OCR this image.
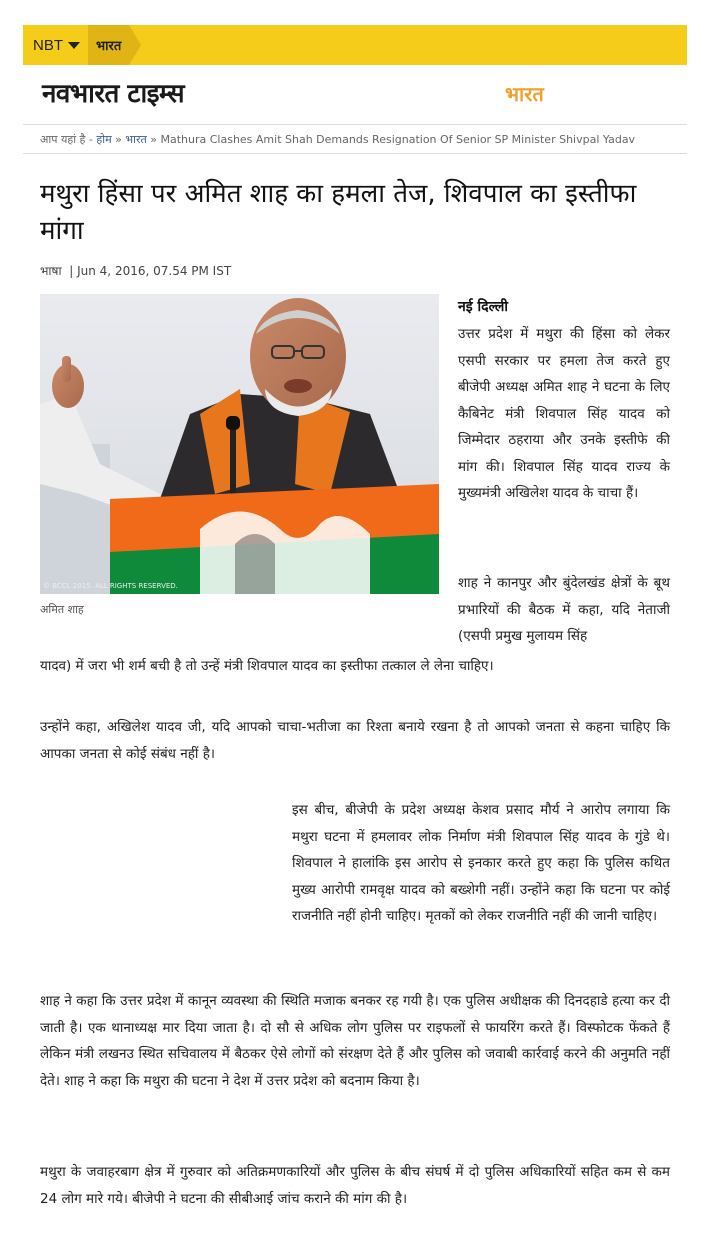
NBT	भारत
नवभारत टाइम्स	भारत
आप यहां है - होम » भारत » Mathura Clashes Amit Shah Demands Resignation Of Senior SP Minister Shivpal Yadav
मथुरा हिंसा पर अमित शाह का हमला तेज, शिवपाल का इस्तीफा मांगा
भाषा | Jun 4, 2016, 07.54 PM IST
© BCCL 2015. ALL RIGHTS RESERVED.
अमित शाह
नई दिल्ली

उत्तर प्रदेश में मथुरा की हिंसा को लेकर एसपी सरकार पर हमला तेज करते हुए बीजेपी अध्यक्ष अमित शाह ने घटना के लिए कैबिनेट मंत्री शिवपाल सिंह यादव को जिम्मेदार ठहराया और उनके इस्तीफे की मांग की। शिवपाल सिंह यादव राज्य के मुख्यमंत्री अखिलेश यादव के चाचा हैं।

शाह ने कानपुर और बुंदेलखंड क्षेत्रों के बूथ प्रभारियों की बैठक में कहा, यदि नेताजी (एसपी प्रमुख मुलायम सिंह

यादव) में जरा भी शर्म बची है तो उन्हें मंत्री शिवपाल यादव का इस्तीफा तत्काल ले लेना चाहिए।

उन्होंने कहा, अखिलेश यादव जी, यदि आपको चाचा-भतीजा का रिश्ता बनाये रखना है तो आपको जनता से कहना चाहिए कि आपका जनता से कोई संबंध नहीं है।

इस बीच, बीजेपी के प्रदेश अध्यक्ष केशव प्रसाद मौर्य ने आरोप लगाया कि मथुरा घटना में हमलावर लोक निर्माण मंत्री शिवपाल सिंह यादव के गुंडे थे। शिवपाल ने हालांकि इस आरोप से इनकार करते हुए कहा कि पुलिस कथित मुख्य आरोपी रामवृक्ष यादव को बख्शेगी नहीं। उन्होंने कहा कि घटना पर कोई राजनीति नहीं होनी चाहिए। मृतकों को लेकर राजनीति नहीं की जानी चाहिए।

शाह ने कहा कि उत्तर प्रदेश में कानून व्यवस्था की स्थिति मजाक बनकर रह गयी है। एक पुलिस अधीक्षक की दिनदहाडे हत्या कर दी जाती है। एक थानाध्यक्ष मार दिया जाता है। दो सौ से अधिक लोग पुलिस पर राइफलों से फायरिंग करते हैं। विस्फोटक फेंकते हैं लेकिन मंत्री लखनउ स्थित सचिवालय में बैठकर ऐसे लोगों को संरक्षण देते हैं और पुलिस को जवाबी कार्रवाई करने की अनुमति नहीं देते। शाह ने कहा कि मथुरा की घटना ने देश में उत्तर प्रदेश को बदनाम किया है।

मथुरा के जवाहरबाग क्षेत्र में गुरुवार को अतिक्रमणकारियों और पुलिस के बीच संघर्ष में दो पुलिस अधिकारियों सहित कम से कम 24 लोग मारे गये। बीजेपी ने घटना की सीबीआई जांच कराने की मांग की है।
